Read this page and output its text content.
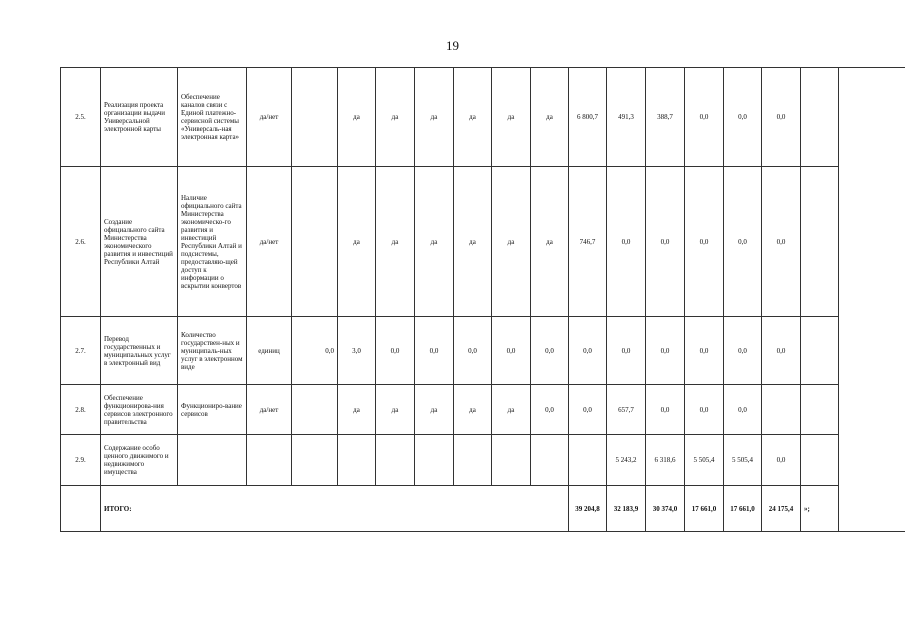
19
2.5.	Реализация проекта организации выдачи Универсальной электронной карты	Обеспечение каналов связи с Единой платежно-сервисной системы «Универсаль-ная электронная карта»	да/нет		да	да	да	да	да	да	6 800,7	491,3	388,7	0,0	0,0	0,0		
2.6.	Создание официального сайта Министерства экономического развития и инвестиций Республики Алтай	Наличие официального сайта Министерства экономическо-го развития и инвестиций Республики Алтай и подсистемы, предоставляю-щей доступ к информации о вскрытии конвертов	да/нет		да	да	да	да	да	да	746,7	0,0	0,0	0,0	0,0	0,0		
2.7.	Перевод государственных и муниципальных услуг в электронный вид	Количество государствен-ных и муниципаль-ных услуг в электронном виде	единиц	0,0	3,0	0,0	0,0	0,0	0,0	0,0	0,0	0,0	0,0	0,0	0,0	0,0		
2.8.	Обеспечение функционирова-ния сервисов электронного правительства	Функциониро-вание сервисов	да/нет		да	да	да	да	да	0,0	0,0	657,7	0,0	0,0	0,0			
2.9.	Содержание особо ценного движимого и недвижимого имущества											5 243,2	6 318,6	5 505,4	5 505,4	0,0		
	ИТОГО:										39 204,8	32 183,9	30 374,0	17 661,0	17 661,0	24 175,4	»;	
